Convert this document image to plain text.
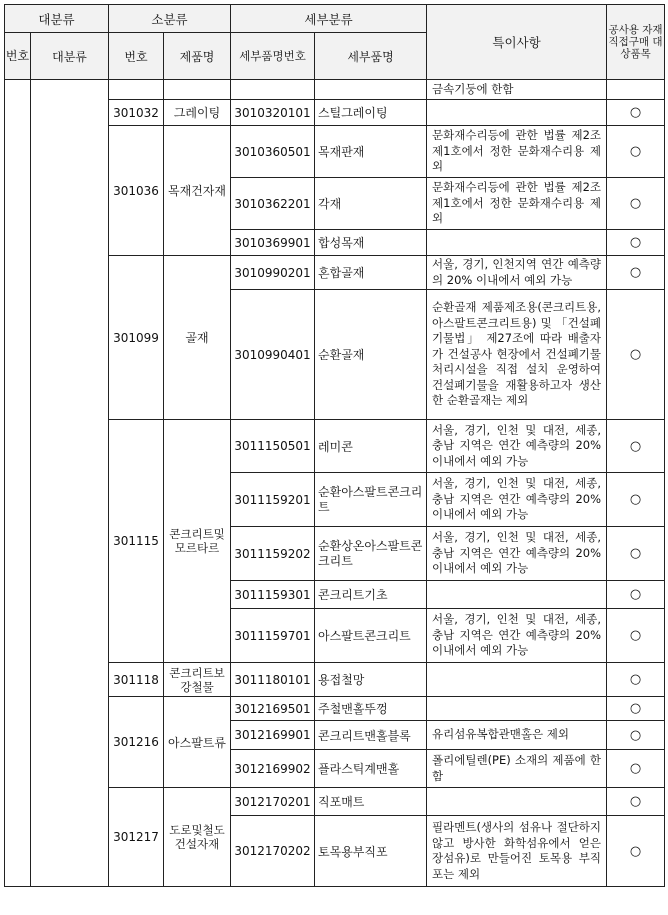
대분류		소분류		세부분류		특이사항	공사용 자재 직접구매 대상품목
번호	대분류	번호	제품명	세부품명번호	세부품명		
						금속기둥에 한함	
		301032	그레이팅	3010320101	스틸그레이팅		○
		301036	목재건자재	3010360501	목재판재	문화재수리등에 관한 법률 제2조제1호에서 정한 문화재수리용 제외	○
				3010362201	각재	문화재수리등에 관한 법률 제2조제1호에서 정한 문화재수리용 제외	○
				3010369901	합성목재		○
		301099	골재	3010990201	혼합골재	서울, 경기, 인천지역 연간 예측량의 20% 이내에서 예외 가능	○
				3010990401	순환골재	순환골재 제품제조용(콘크리트용, 아스팔트콘크리트용) 및 「건설폐기물법」 제27조에 따라 배출자가 건설공사 현장에서 건설폐기물처리시설을 직접 설치 운영하여 건설폐기물을 재활용하고자 생산한 순환골재는 제외	○
		301115	콘크리트및모르타르	3011150501	레미콘	서울, 경기, 인천 및 대전, 세종, 충남 지역은 연간 예측량의 20% 이내에서 예외 가능	○
				3011159201	순환아스팔트콘크리트	서울, 경기, 인천 및 대전, 세종, 충남 지역은 연간 예측량의 20% 이내에서 예외 가능	○
				3011159202	순환상온아스팔트콘크리트	서울, 경기, 인천 및 대전, 세종, 충남 지역은 연간 예측량의 20% 이내에서 예외 가능	○
				3011159301	콘크리트기초		○
				3011159701	아스팔트콘크리트	서울, 경기, 인천 및 대전, 세종, 충남 지역은 연간 예측량의 20% 이내에서 예외 가능	○
		301118	콘크리트보강철물	3011180101	용접철망		○
		301216	아스팔트류	3012169501	주철맨홀뚜껑		○
				3012169901	콘크리트맨홀블록	유리섬유복합관맨홀은 제외	○
				3012169902	플라스틱계맨홀	폴리에틸렌(PE) 소재의 제품에 한함	○
		301217	도로및철도건설자재	3012170201	직포매트		○
				3012170202	토목용부직포	필라멘트(생사의 섬유나 절단하지 않고 방사한 화학섬유에서 얻은 장섬유)로 만들어진 토목용 부직포는 제외	○
